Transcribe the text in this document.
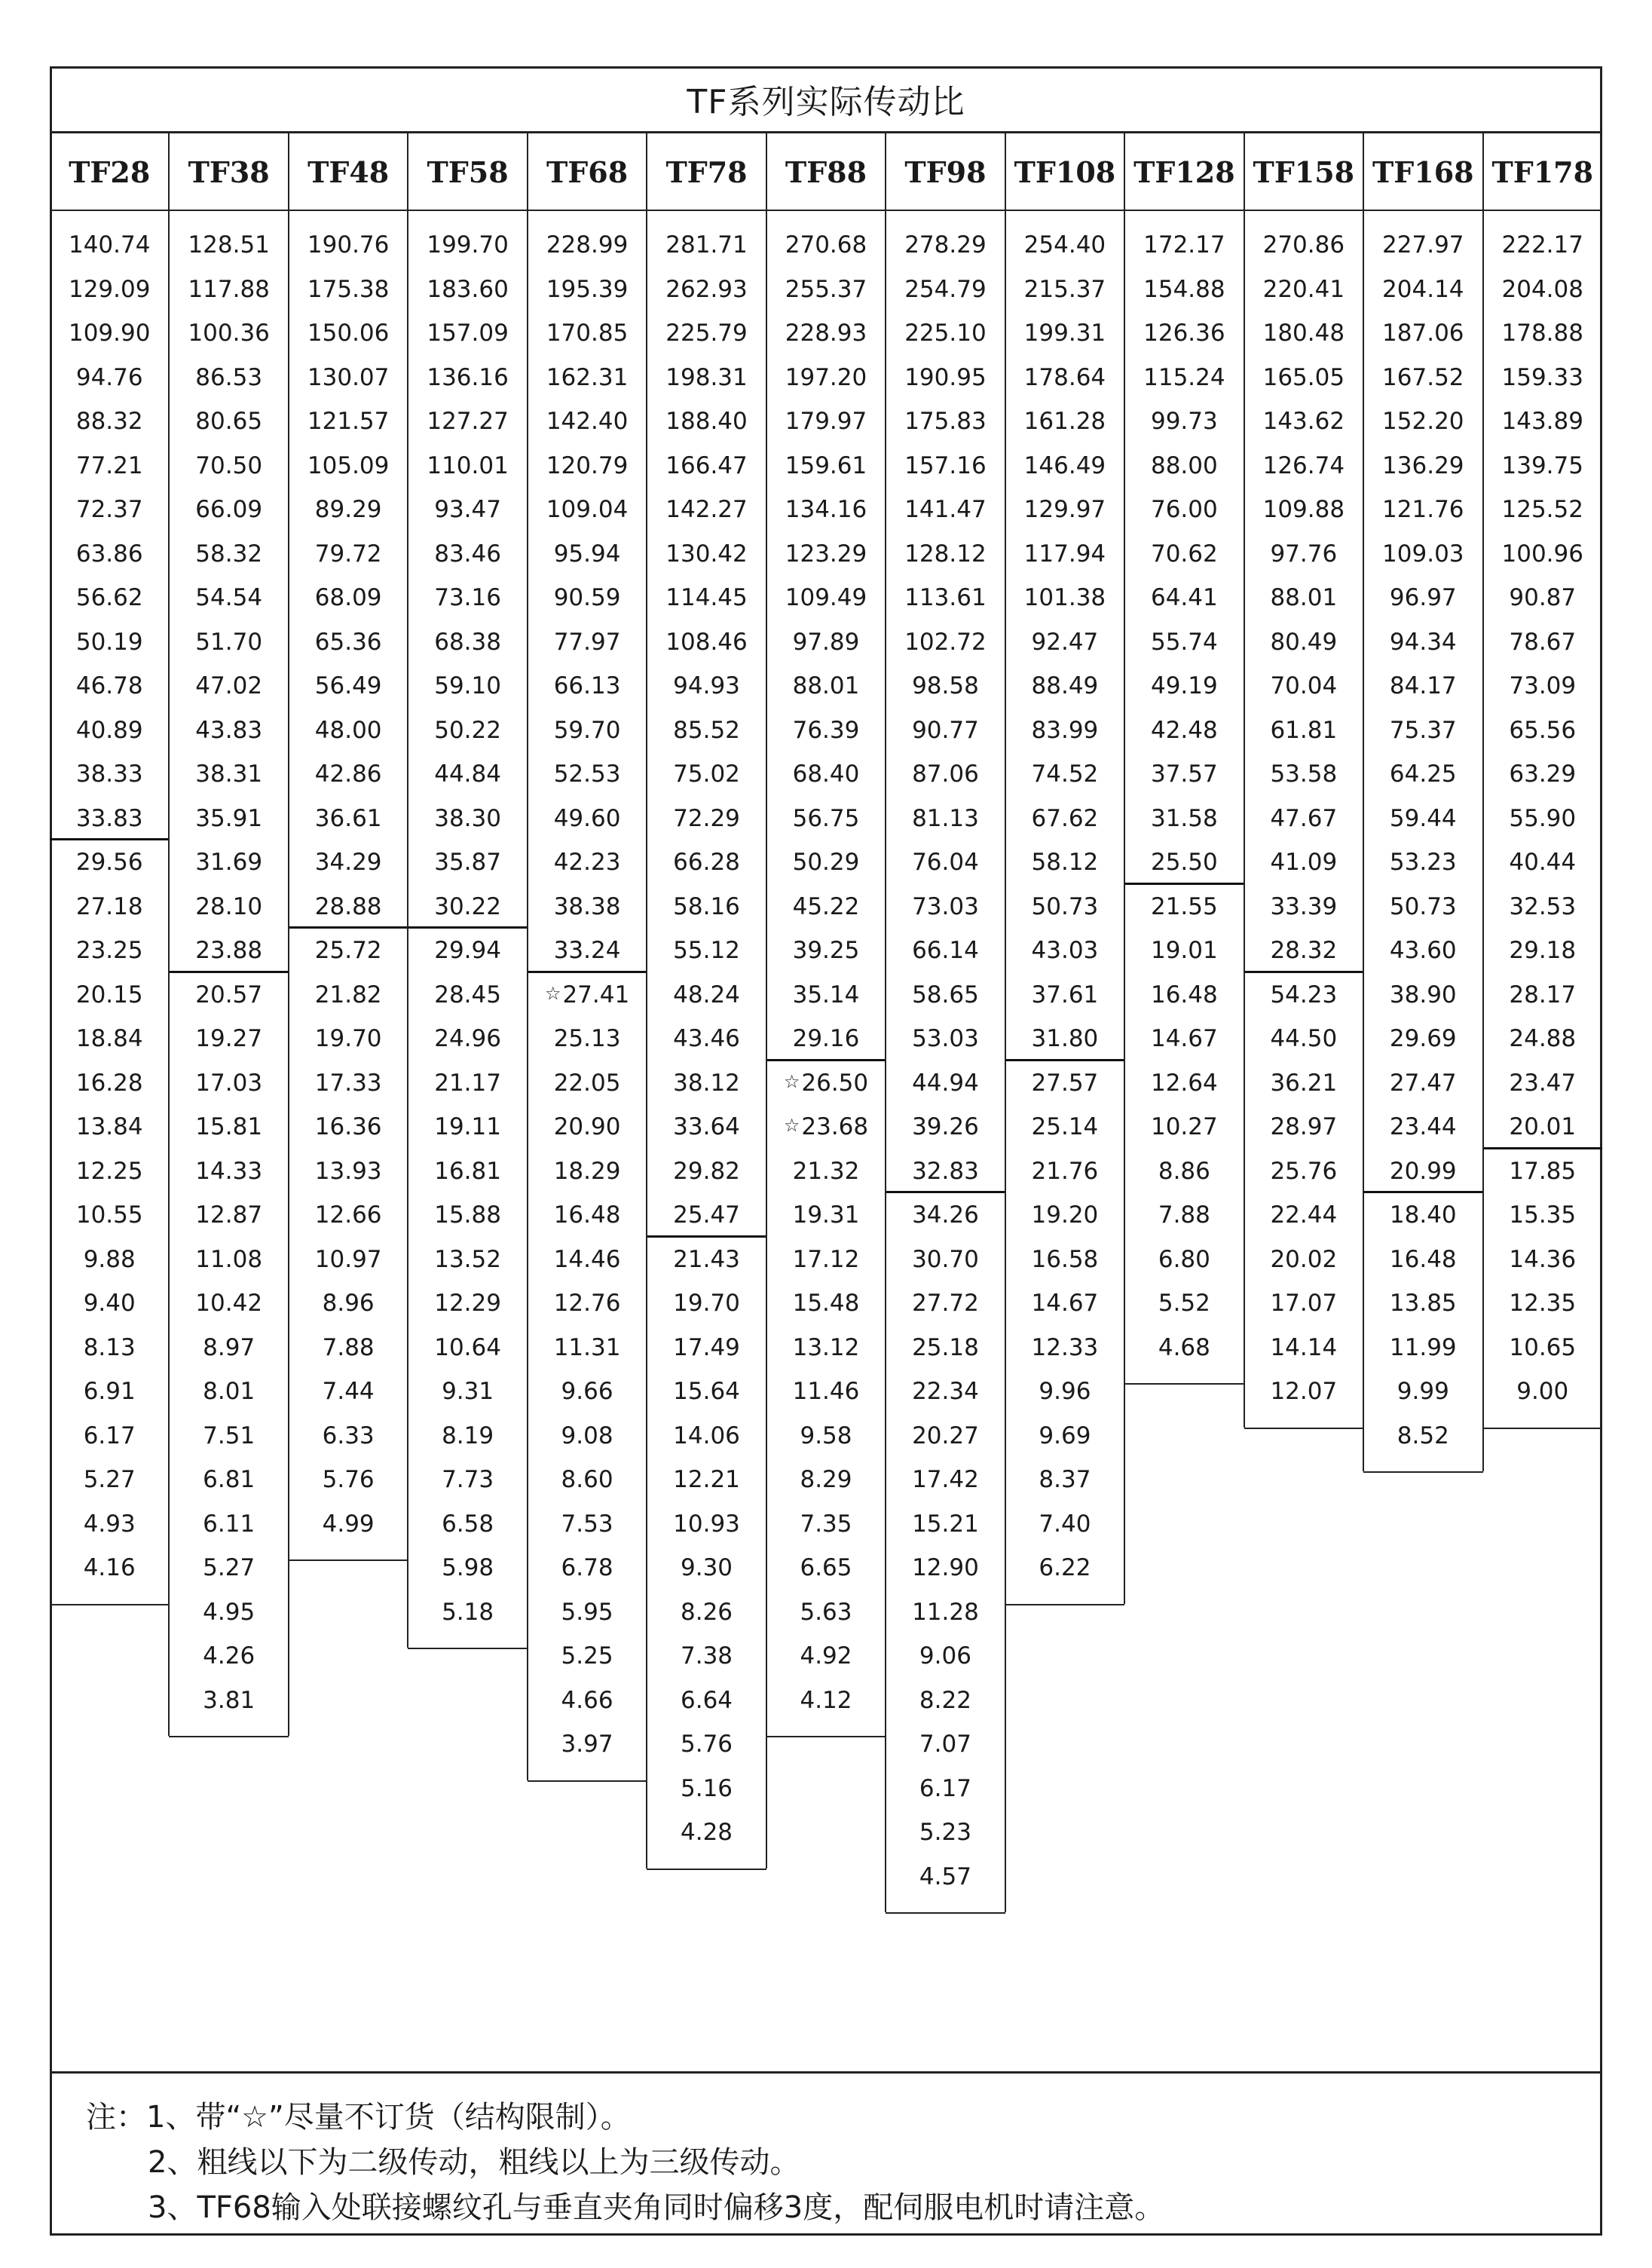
TF系列实际传动比
TF28
140.74
129.09
109.90
94.76
88.32
77.21
72.37
63.86
56.62
50.19
46.78
40.89
38.33
33.83
29.56
27.18
23.25
20.15
18.84
16.28
13.84
12.25
10.55
9.88
9.40
8.13
6.91
6.17
5.27
4.93
4.16
TF38
128.51
117.88
100.36
86.53
80.65
70.50
66.09
58.32
54.54
51.70
47.02
43.83
38.31
35.91
31.69
28.10
23.88
20.57
19.27
17.03
15.81
14.33
12.87
11.08
10.42
8.97
8.01
7.51
6.81
6.11
5.27
4.95
4.26
3.81
TF48
190.76
175.38
150.06
130.07
121.57
105.09
89.29
79.72
68.09
65.36
56.49
48.00
42.86
36.61
34.29
28.88
25.72
21.82
19.70
17.33
16.36
13.93
12.66
10.97
8.96
7.88
7.44
6.33
5.76
4.99
TF58
199.70
183.60
157.09
136.16
127.27
110.01
93.47
83.46
73.16
68.38
59.10
50.22
44.84
38.30
35.87
30.22
29.94
28.45
24.96
21.17
19.11
16.81
15.88
13.52
12.29
10.64
9.31
8.19
7.73
6.58
5.98
5.18
TF68
228.99
195.39
170.85
162.31
142.40
120.79
109.04
95.94
90.59
77.97
66.13
59.70
52.53
49.60
42.23
38.38
33.24
☆27.41
25.13
22.05
20.90
18.29
16.48
14.46
12.76
11.31
9.66
9.08
8.60
7.53
6.78
5.95
5.25
4.66
3.97
TF78
281.71
262.93
225.79
198.31
188.40
166.47
142.27
130.42
114.45
108.46
94.93
85.52
75.02
72.29
66.28
58.16
55.12
48.24
43.46
38.12
33.64
29.82
25.47
21.43
19.70
17.49
15.64
14.06
12.21
10.93
9.30
8.26
7.38
6.64
5.76
5.16
4.28
TF88
270.68
255.37
228.93
197.20
179.97
159.61
134.16
123.29
109.49
97.89
88.01
76.39
68.40
56.75
50.29
45.22
39.25
35.14
29.16
☆26.50
☆23.68
21.32
19.31
17.12
15.48
13.12
11.46
9.58
8.29
7.35
6.65
5.63
4.92
4.12
TF98
278.29
254.79
225.10
190.95
175.83
157.16
141.47
128.12
113.61
102.72
98.58
90.77
87.06
81.13
76.04
73.03
66.14
58.65
53.03
44.94
39.26
32.83
34.26
30.70
27.72
25.18
22.34
20.27
17.42
15.21
12.90
11.28
9.06
8.22
7.07
6.17
5.23
4.57
TF108
254.40
215.37
199.31
178.64
161.28
146.49
129.97
117.94
101.38
92.47
88.49
83.99
74.52
67.62
58.12
50.73
43.03
37.61
31.80
27.57
25.14
21.76
19.20
16.58
14.67
12.33
9.96
9.69
8.37
7.40
6.22
TF128
172.17
154.88
126.36
115.24
99.73
88.00
76.00
70.62
64.41
55.74
49.19
42.48
37.57
31.58
25.50
21.55
19.01
16.48
14.67
12.64
10.27
8.86
7.88
6.80
5.52
4.68
TF158
270.86
220.41
180.48
165.05
143.62
126.74
109.88
97.76
88.01
80.49
70.04
61.81
53.58
47.67
41.09
33.39
28.32
54.23
44.50
36.21
28.97
25.76
22.44
20.02
17.07
14.14
12.07
TF168
227.97
204.14
187.06
167.52
152.20
136.29
121.76
109.03
96.97
94.34
84.17
75.37
64.25
59.44
53.23
50.73
43.60
38.90
29.69
27.47
23.44
20.99
18.40
16.48
13.85
11.99
9.99
8.52
TF178
222.17
204.08
178.88
159.33
143.89
139.75
125.52
100.96
90.87
78.67
73.09
65.56
63.29
55.90
40.44
32.53
29.18
28.17
24.88
23.47
20.01
17.85
15.35
14.36
12.35
10.65
9.00
注：1、带“☆”尽量不订货（结构限制）。
2、粗线以下为二级传动，粗线以上为三级传动。
3、TF68输入处联接螺纹孔与垂直夹角同时偏移3度，配伺服电机时请注意。
